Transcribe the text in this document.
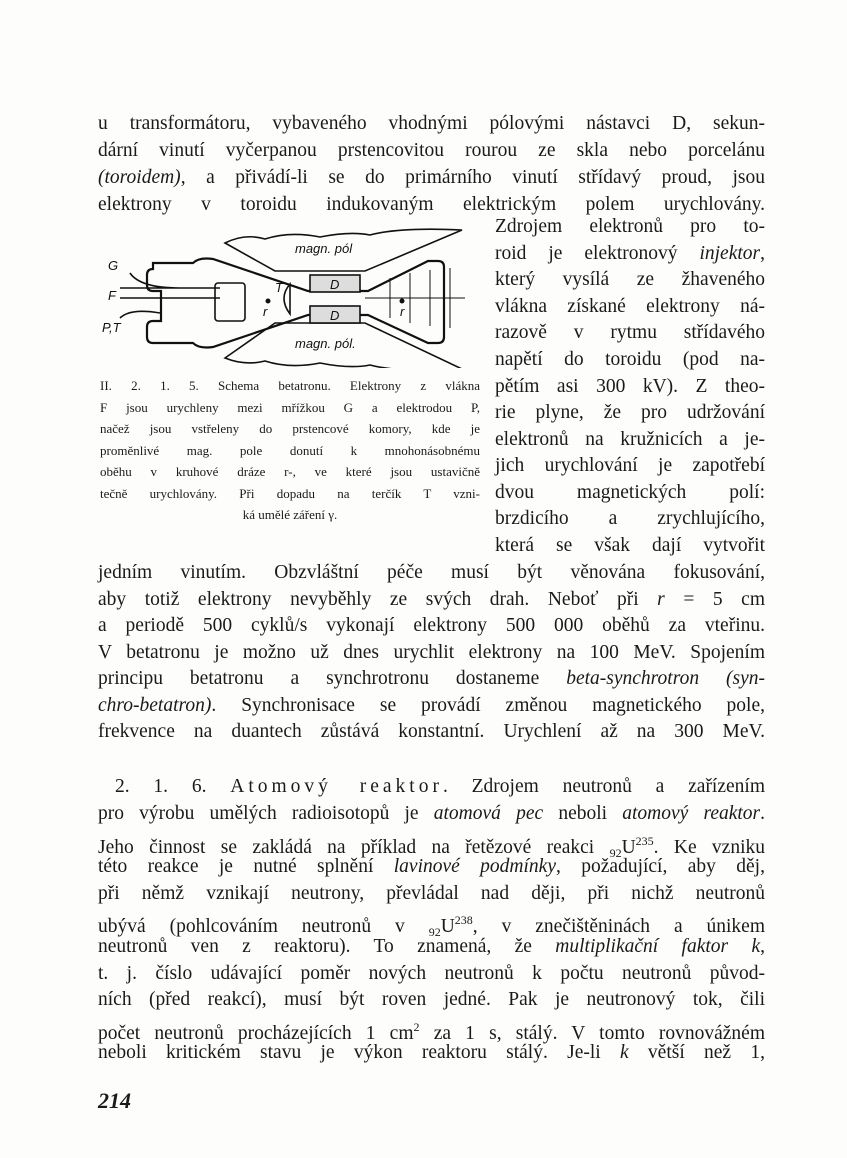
u transformátoru, vybaveného vhodnými pólovými nástavci D, sekun-
dární vinutí vyčerpanou prstencovitou rourou ze skla nebo porcelánu
(toroidem), a přivádí-li se do primárního vinutí střídavý proud, jsou
elektrony v toroidu indukovaným elektrickým polem urychlovány.
Zdrojem elektronů pro to-
roid je elektronový injektor,
který vysílá ze žhaveného
vlákna získané elektrony ná-
razově v rytmu střídavého
napětí do toroidu (pod na-
pětím asi 300 kV). Z theo-
rie plyne, že pro udržování
elektronů na kružnicích a je-
jich urychlování je zapotřebí
dvou magnetických polí:
brzdicího a zrychlujícího,
která se však dají vytvořit
jedním vinutím. Obzvláštní péče musí být věnována fokusování,
aby totiž elektrony nevyběhly ze svých drah. Neboť při r = 5 cm
a periodě 500 cyklů/s vykonají elektrony 500 000 oběhů za vteřinu.
V betatronu je možno už dnes urychlit elektrony na 100 MeV. Spojením
principu betatronu a synchrotronu dostaneme beta-synchrotron (syn-
chro-betatron). Synchronisace se provádí změnou magnetického pole,
frekvence na duantech zůstává konstantní. Urychlení až na 300 MeV.
2. 1. 6. Atomový reaktor. Zdrojem neutronů a zařízením
pro výrobu umělých radioisotopů je atomová pec neboli atomový reaktor.
Jeho činnost se zakládá na příklad na řetězové reakci $_{92}U^{235}$. Ke vzniku
této reakce je nutné splnění lavinové podmínky, požadující, aby děj,
při němž vznikají neutrony, převládal nad ději, při nichž neutronů
ubývá (pohlcováním neutronů v $_{92}U^{238}$, v znečištěninách a únikem
neutronů ven z reaktoru). To znamená, že multiplikační faktor k,
t. j. číslo udávající poměr nových neutronů k počtu neutronů původ-
ních (před reakcí), musí být roven jedné. Pak je neutronový tok, čili
počet neutronů procházejících 1 $cm^2$ za 1 s, stálý. V tomto rovnovážném
neboli kritickém stavu je výkon reaktoru stálý. Je-li k větší než 1,
G
F
P,T
magn. pól
magn. pól.
D
D
T
r	r
II. 2. 1. 5. Schema betatronu. Elektrony z vlákna
F jsou urychleny mezi mřížkou G a elektrodou P,
načež jsou vstřeleny do prstencové komory, kde je
proměnlivé mag. pole donutí k mnohonásobnému
oběhu v kruhové dráze r-, ve které jsou ustavičně
tečně urychlovány. Při dopadu na terčík T vzni-
ká umělé záření γ.
214
